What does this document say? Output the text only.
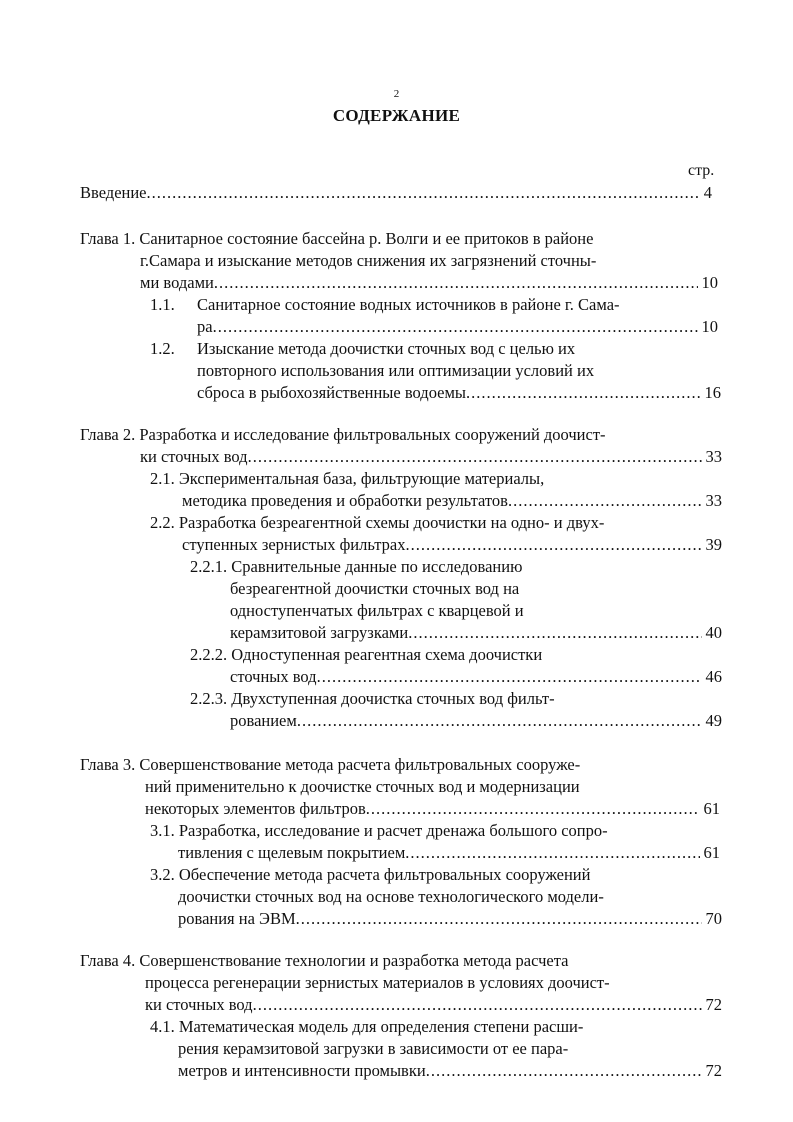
2
СОДЕРЖАНИЕ
стр.
Введение .....	4
Глава 1. Санитарное состояние бассейна р. Волги и ее притоков в районе
г.Самара и изыскание методов снижения их загрязнений сточны-
ми водами .....	10
1.1. Санитарное состояние водных источников в районе г. Сама-
ра .....	10
1.2. Изыскание метода доочистки сточных вод с целью их
повторного использования или оптимизации условий их
сброса в рыбохозяйственные водоемы .....	16
Глава 2. Разработка и исследование фильтровальных сооружений доочист-
ки сточных вод .....	33
2.1. Экспериментальная база, фильтрующие материалы,
методика проведения и обработки результатов .....	33
2.2. Разработка безреагентной схемы доочистки на одно- и двух-
ступенных зернистых фильтрах .....	39
2.2.1. Сравнительные данные по исследованию
безреагентной доочистки сточных вод на
одноступенчатых фильтрах с кварцевой и
керамзитовой загрузками .....	40
2.2.2. Одноступенная реагентная схема доочистки
сточных вод .....	46
2.2.3. Двухступенная доочистка сточных вод фильт-
рованием .....	49
Глава 3. Совершенствование метода расчета фильтровальных сооруже-
ний применительно к доочистке сточных вод и модернизации
некоторых элементов фильтров .....	61
3.1. Разработка, исследование и расчет дренажа большого сопро-
тивления с щелевым покрытием .....	61
3.2. Обеспечение метода расчета фильтровальных сооружений
доочистки сточных вод на основе технологического модели-
рования на ЭВМ .....	70
Глава 4. Совершенствование технологии и разработка метода расчета
процесса регенерации зернистых материалов в условиях доочист-
ки сточных вод .....	72
4.1. Математическая модель для определения степени расши-
рения керамзитовой загрузки в зависимости от ее пара-
метров и интенсивности промывки .....	72
